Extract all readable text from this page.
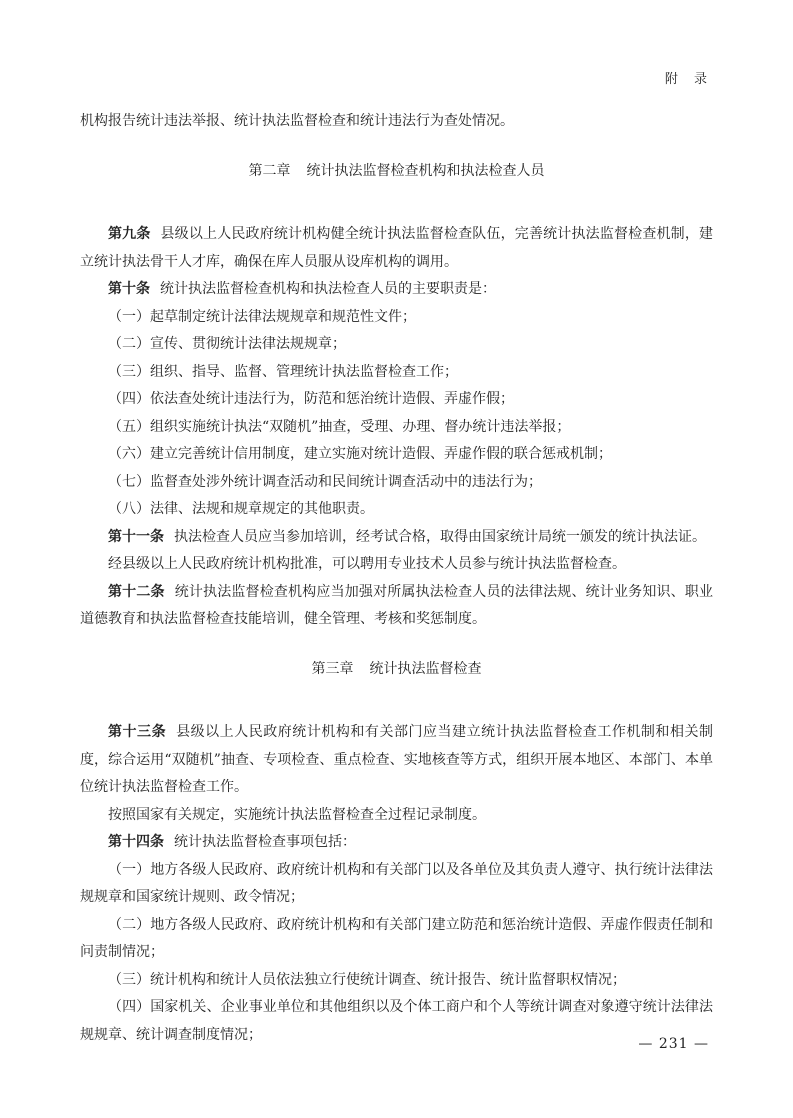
附 录

机构报告统计违法举报、统计执法监督检查和统计违法行为查处情况。

第二章 统计执法监督检查机构和执法检查人员

第九条 县级以上人民政府统计机构健全统计执法监督检查队伍，完善统计执法监督检查机制，建立统计执法骨干人才库，确保在库人员服从设库机构的调用。

第十条 统计执法监督检查机构和执法检查人员的主要职责是：

（一）起草制定统计法律法规规章和规范性文件；

（二）宣传、贯彻统计法律法规规章；

（三）组织、指导、监督、管理统计执法监督检查工作；

（四）依法查处统计违法行为，防范和惩治统计造假、弄虚作假；

（五）组织实施统计执法“双随机”抽查，受理、办理、督办统计违法举报；

（六）建立完善统计信用制度，建立实施对统计造假、弄虚作假的联合惩戒机制；

（七）监督查处涉外统计调查活动和民间统计调查活动中的违法行为；

（八）法律、法规和规章规定的其他职责。

第十一条 执法检查人员应当参加培训，经考试合格，取得由国家统计局统一颁发的统计执法证。

经县级以上人民政府统计机构批准，可以聘用专业技术人员参与统计执法监督检查。

第十二条 统计执法监督检查机构应当加强对所属执法检查人员的法律法规、统计业务知识、职业道德教育和执法监督检查技能培训，健全管理、考核和奖惩制度。

第三章 统计执法监督检查

第十三条 县级以上人民政府统计机构和有关部门应当建立统计执法监督检查工作机制和相关制度，综合运用“双随机”抽查、专项检查、重点检查、实地核查等方式，组织开展本地区、本部门、本单位统计执法监督检查工作。

按照国家有关规定，实施统计执法监督检查全过程记录制度。

第十四条 统计执法监督检查事项包括：

（一）地方各级人民政府、政府统计机构和有关部门以及各单位及其负责人遵守、执行统计法律法规规章和国家统计规则、政令情况；

（二）地方各级人民政府、政府统计机构和有关部门建立防范和惩治统计造假、弄虚作假责任制和问责制情况；

（三）统计机构和统计人员依法独立行使统计调查、统计报告、统计监督职权情况；

（四）国家机关、企业事业单位和其他组织以及个体工商户和个人等统计调查对象遵守统计法律法规规章、统计调查制度情况；

— 231 —
